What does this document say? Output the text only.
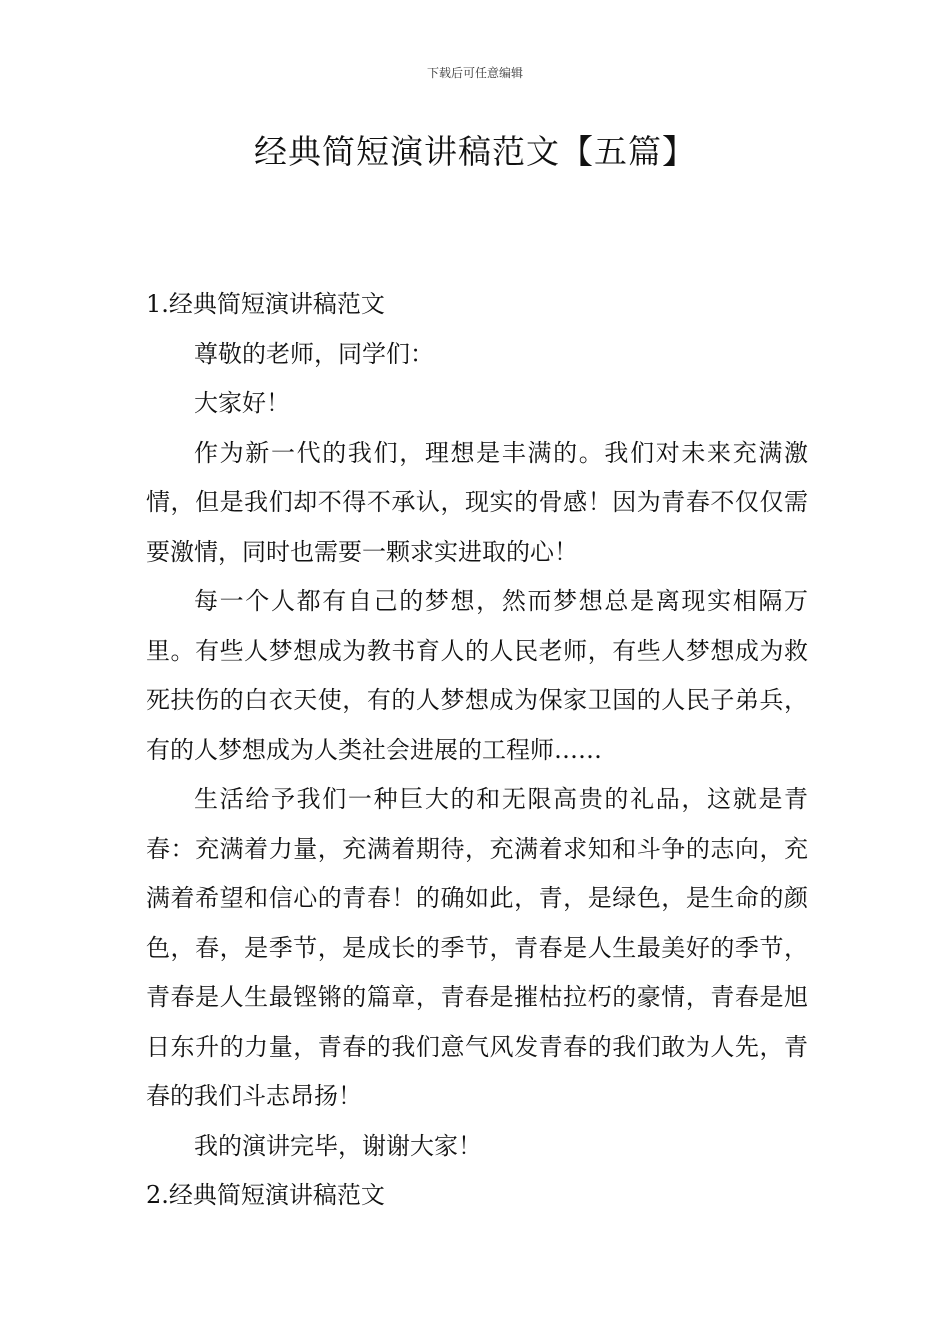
下载后可任意编辑
经典简短演讲稿范文【五篇】

1.经典简短演讲稿范文

尊敬的老师，同学们：

大家好！

作为新一代的我们，理想是丰满的。我们对未来充满激情，但是我们却不得不承认，现实的骨感！因为青春不仅仅需要激情，同时也需要一颗求实进取的心！

每一个人都有自己的梦想，然而梦想总是离现实相隔万里。有些人梦想成为教书育人的人民老师，有些人梦想成为救死扶伤的白衣天使，有的人梦想成为保家卫国的人民子弟兵，有的人梦想成为人类社会进展的工程师……

生活给予我们一种巨大的和无限高贵的礼品，这就是青春：充满着力量，充满着期待，充满着求知和斗争的志向，充满着希望和信心的青春！的确如此，青，是绿色，是生命的颜色，春，是季节，是成长的季节，青春是人生最美好的季节，青春是人生最铿锵的篇章，青春是摧枯拉朽的豪情，青春是旭日东升的力量，青春的我们意气风发青春的我们敢为人先，青春的我们斗志昂扬！

我的演讲完毕，谢谢大家！

2.经典简短演讲稿范文
